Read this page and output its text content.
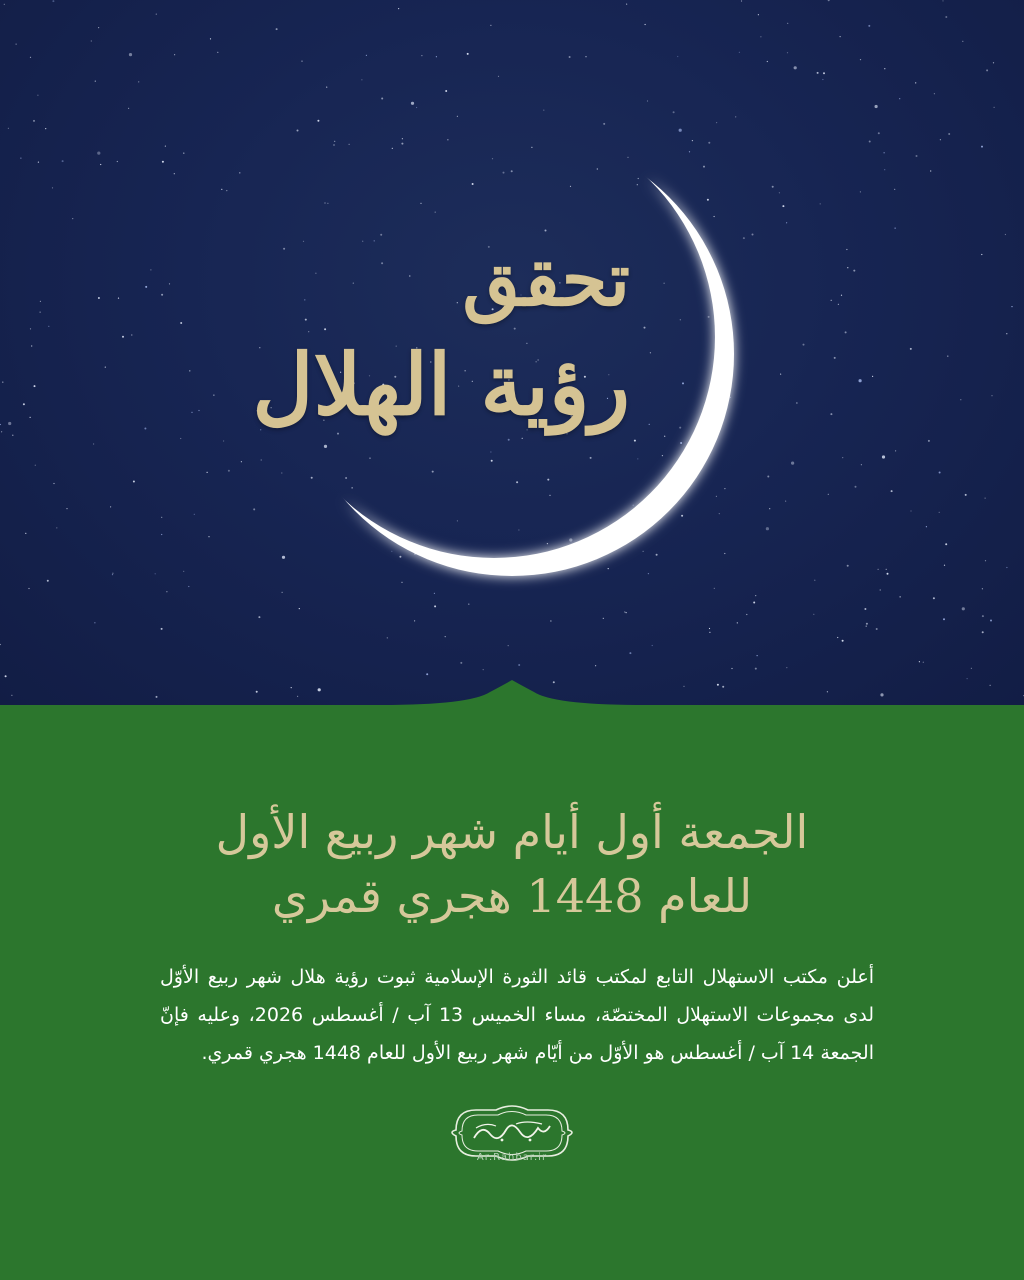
تحقق
رؤية الهلال
الجمعة أول أيام شهر ربيع الأول
للعام 1448 هجري قمري

أعلن مكتب الاستهلال التابع لمكتب قائد الثورة الإسلامية ثبوت رؤية هلال شهر ربيع الأوّل لدى مجموعات الاستهلال المختصّة، مساء الخميس 13 آب / أغسطس 2026، وعليه فإنّ الجمعة 14 آب / أغسطس هو الأوّل من أيّام شهر ربيع الأول للعام 1448 هجري قمري.

Ar.Rahbar.ir
